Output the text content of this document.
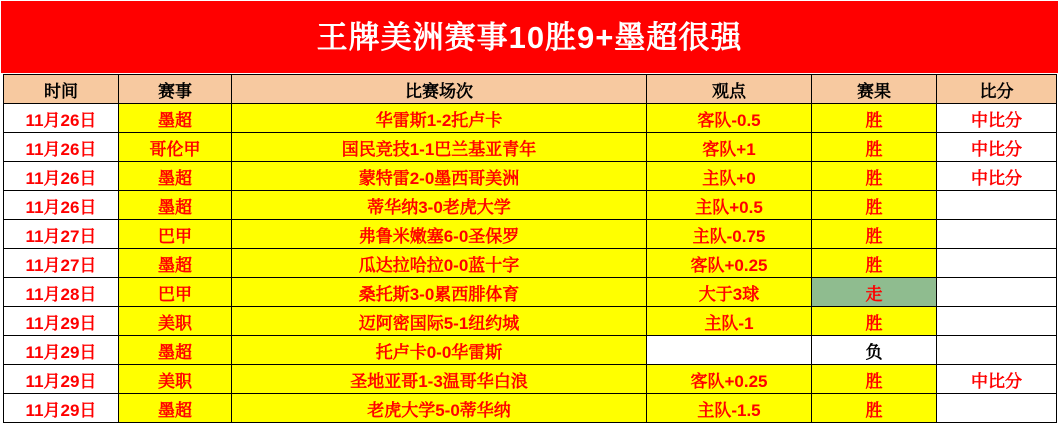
王牌美洲赛事10胜9+墨超很强
时间	赛事	比赛场次	观点	赛果	比分
11月26日	墨超	华雷斯1-2托卢卡	客队-0.5	胜	中比分
11月26日	哥伦甲	国民竞技1-1巴兰基亚青年	客队+1	胜	中比分
11月26日	墨超	蒙特雷2-0墨西哥美洲	主队+0	胜	中比分
11月26日	墨超	蒂华纳3-0老虎大学	主队+0.5	胜	
11月27日	巴甲	弗鲁米嫩塞6-0圣保罗	主队-0.75	胜	
11月27日	墨超	瓜达拉哈拉0-0蓝十字	客队+0.25	胜	
11月28日	巴甲	桑托斯3-0累西腓体育	大于3球	走	
11月29日	美职	迈阿密国际5-1纽约城	主队-1	胜	
11月29日	墨超	托卢卡0-0华雷斯		负	
11月29日	美职	圣地亚哥1-3温哥华白浪	客队+0.25	胜	中比分
11月29日	墨超	老虎大学5-0蒂华纳	主队-1.5	胜	
